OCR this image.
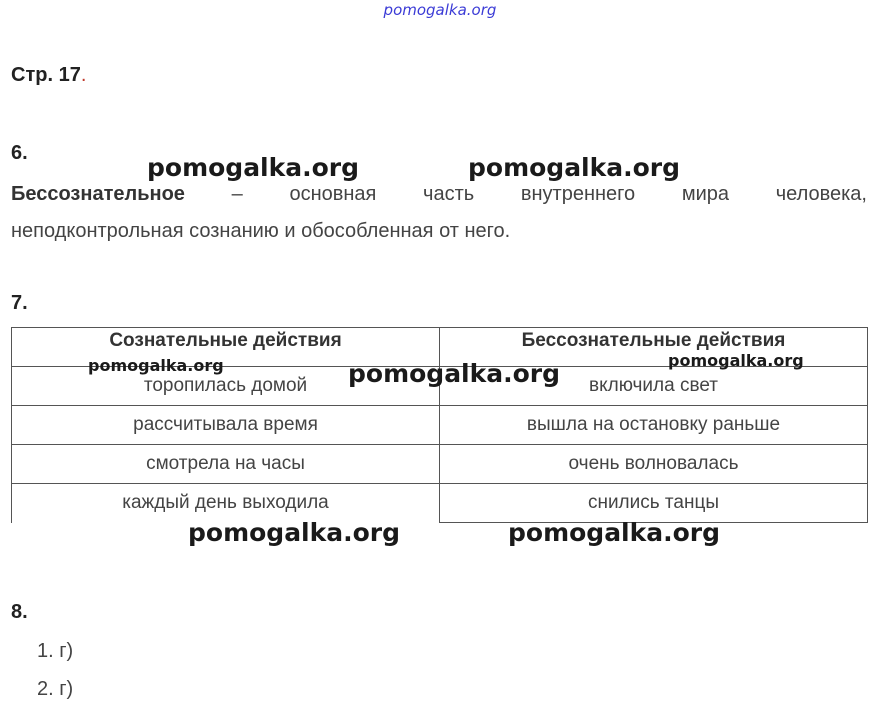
pomogalka.org
Стр. 17.
6.
Бессознательное – основная часть внутреннего мира человека,
неподконтрольная сознанию и обособленная от него.
7.
Сознательные действия	Бессознательные действия
торопилась домой	включила свет
рассчитывала время	вышла на остановку раньше
смотрела на часы	очень волновалась
каждый день выходила	снились танцы
8.
1. г)
2. г)
pomogalka.org	pomogalka.org
pomogalka.org	pomogalka.org	pomogalka.org
pomogalka.org	pomogalka.org
